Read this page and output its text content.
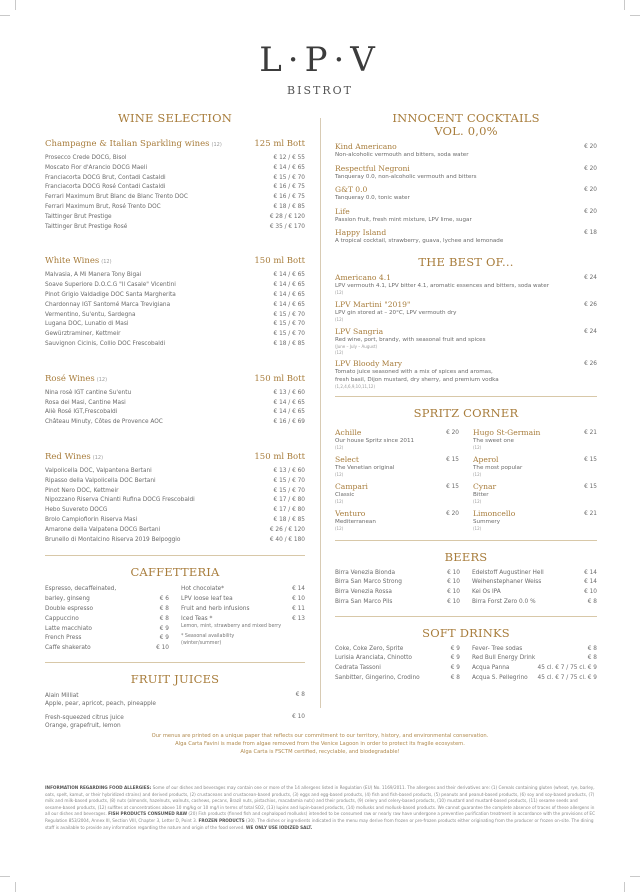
L·P·V
BISTROT
WINE SELECTION
Champagne & Italian Sparkling wines (12)	125 ml Bott
Prosecco Crede DOCG, Bisol	€ 12 / € 55
Moscato Fior d'Arancio DOCG Maeli	€ 14 / € 65
Franciacorta DOCG Brut, Contadi Castaldi	€ 15 / € 70
Franciacorta DOCG Rosé Contadi Castaldi	€ 16 / € 75
Ferrari Maximum Brut Blanc de Blanc Trento DOC	€ 16 / € 75
Ferrari Maximum Brut, Rosé Trento DOC	€ 18 / € 85
Taittinger Brut Prestige	€ 28 / € 120
Taittinger Brut Prestige Rosé	€ 35 / € 170
White Wines (12)	150 ml Bott
Malvasia, A Mi Manera Tony Bigai	€ 14 / € 65
Soave Superiore D.O.C.G "Il Casale" Vicentini	€ 14 / € 65
Pinot Grigio Valdadige DOC Santa Margherita	€ 14 / € 65
Chardonnay IGT Santomé Marca Trevigiana	€ 14 / € 65
Vermentino, Su'entu, Sardegna	€ 15 / € 70
Lugana DOC, Lunatio di Masi	€ 15 / € 70
Gewürztraminer, Kettmeir	€ 15 / € 70
Sauvignon Cicinis, Collio DOC Frescobaldi	€ 18 / € 85
Rosé Wines (12)	150 ml Bott
Nina rosè IGT cantine Su'entu	€ 13 / € 60
Rosa dei Masi, Cantine Masi	€ 14 / € 65
Aliè Rosé IGT,Frescobaldi	€ 14 / € 65
Château Minuty, Côtes de Provence AOC	€ 16 / € 69
Red Wines (12)	150 ml Bott
Valpolicella DOC, Valpantena Bertani	€ 13 / € 60
Ripasso della Valpolicella DOC Bertani	€ 15 / € 70
Pinot Nero DOC, Kettmeir	€ 15 / € 70
Nipozzano Riserva Chianti Rufina DOCG Frescobaldi	€ 17 / € 80
Hebo Suvereto DOCG	€ 17 / € 80
Brolo Campiofiorin Riserva Masi	€ 18 / € 85
Amarone della Valpatena DOCG Bertani	€ 26 / € 120
Brunello di Montalcino Riserva 2019 Belpoggio	€ 40 / € 180
CAFFETTERIA
Espresso, decaffeinated,
barley, ginseng	€ 6
Double espresso	€ 8
Cappuccino	€ 8
Latte macchiato	€ 9
French Press	€ 9
Caffe shakerato	€ 10
Hot chocolate*	€ 14
LPV loose leaf tea	€ 10
Fruit and herb infusions	€ 11
Iced Teas *	€ 13
Lemon, mint, strawberry and mixed berry
* Seasonal availability
(winter/summer)
FRUIT JUICES
Alain Milliat
Apple, pear, apricot, peach, pineapple
€ 8
Fresh-squeezed citrus juice
Orange, grapefruit, lemon
€ 10
INNOCENT COCKTAILS
VOL. 0,0%
Kind Americano
Non-alcoholic vermouth and bitters, soda water
€ 20
Respectful Negroni
Tanqueray 0.0, non-alcoholic vermouth and bitters
€ 20
G&T 0.0
Tanqueray 0.0, tonic water
€ 20
Life
Passion fruit, fresh mint mixture, LPV lime, sugar
€ 20
Happy Island
A tropical cocktail, strawberry, guava, lychee and lemonade
€ 18
THE BEST OF...
Americano 4.1
LPV vermouth 4.1, LPV bitter 4.1, aromatic essences and bitters, soda water
(12)
€ 24
LPV Martini "2019"
LPV gin stored at – 20°C, LPV vermouth dry
(12)
€ 26
LPV Sangria
Red wine, port, brandy, with seasonal fruit and spices
(June – July – August)
(12)
€ 24
LPV Bloody Mary
Tomato juice seasoned with a mix of spices and aromas,
fresh basil, Dijon mustard, dry sherry, and premium vodka
(1,2,4,6,9,10,11,12)
€ 26
SPRITZ CORNER
Achille
Our house Spritz since 2011
(12)
€ 20
Select
The Venetian original
(12)
€ 15
Campari
Classic
(12)
€ 15
Venturo
Mediterranean
(12)
€ 20
Hugo St-Germain
The sweet one
(12)
€ 21
Aperol
The most popular
(12)
€ 15
Cynar
Bitter
(12)
€ 15
Limoncello
Summery
(12)
€ 21
BEERS
Birra Venezia Bionda	€ 10
Birra San Marco Strong	€ 10
Birra Venezia Rossa	€ 10
Birra San Marco Pils	€ 10
Edelstoff Augustiner Hell	€ 14
Weihenstephaner Weiss	€ 14
Kei Os IPA	€ 10
Birra Forst Zero 0.0 %	€ 8
SOFT DRINKS
Coke, Coke Zero, Sprite	€ 9
Lurisia Aranciata, Chinotto	€ 9
Cedrata Tassoni	€ 9
Sanbitter, Gingerino, Crodino	€ 8
Fever- Tree sodas	€ 8
Red Bull Energy Drink	€ 8
Acqua Panna	45 cl. € 7 / 75 cl. € 9
Acqua S. Pellegrino 45 cl. € 7 / 75 cl. € 9
Our menus are printed on a unique paper that reflects our commitment to our territory, history, and environmental conservation.
Alga Carta Favini is made from algae removed from the Venice Lagoon in order to protect its fragile ecosystem.
Alga Carta is FSCTM certified, recyclable, and biodegradable!
INFORMATION REGARDING FOOD ALLERGIES: Some of our dishes and beverages may contain one or more of the 14 allergens listed in Regulation (EU) No. 1169/2011. The allergens and their derivatives are: (1) Cereals containing gluten (wheat, rye, barley, oats, spelt, kamut, or their hybridized strains) and derived products, (2) crustaceans and crustacean-based products, (3) eggs and egg-based products, (4) fish and fish-based products, (5) peanuts and peanut-based products, (6) soy and soy-based products, (7) milk and milk-based products, (8) nuts (almonds, hazelnuts, walnuts, cashews, pecans, Brazil nuts, pistachios, macadamia nuts) and their products, (9) celery and celery-based products, (10) mustard and mustard-based products, (11) sesame seeds and sesame-based products, (12) sulfites at concentrations above 10 mg/kg or 10 mg/l in terms of total SO2, (13) lupins and lupin-based products, (14) mollusks and mollusk-based products. We cannot guarantee the complete absence of traces of these allergens in all our dishes and beverages. FISH PRODUCTS CONSUMED RAW (20) Fish products (finned fish and cephalopod mollusks) intended to be consumed raw or nearly raw have undergone a preventive purification treatment in accordance with the provisions of EC Regulation 853/2004, Annex III, Section VIII, Chapter 3, Letter D, Point 3. FROZEN PRODUCTS (30). The dishes or ingredients indicated in the menu may derive from frozen or pre-frozen products either originating from the producer or frozen on-site. The dining staff is available to provide any information regarding the nature and origin of the food served. WE ONLY USE IODIZED SALT.
